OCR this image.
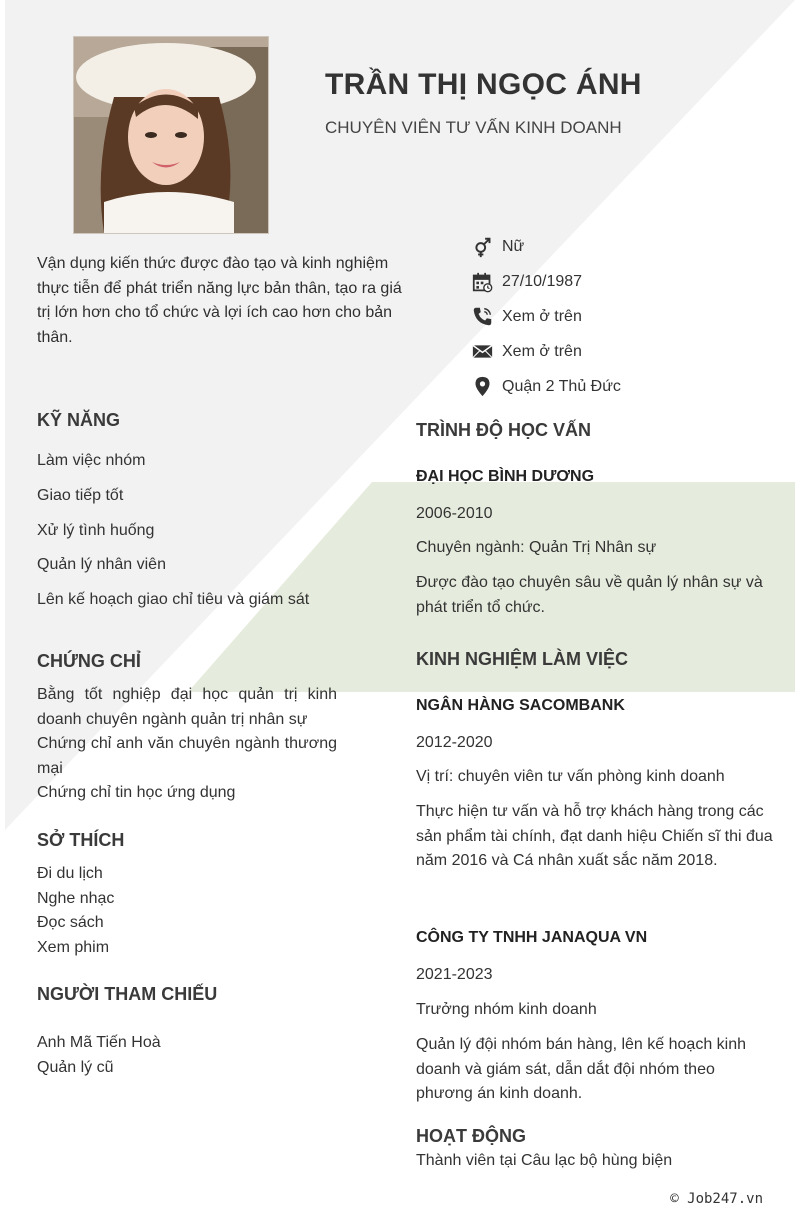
TRẦN THỊ NGỌC ÁNH
CHUYÊN VIÊN TƯ VẤN KINH DOANH
Vận dụng kiến thức được đào tạo và kinh nghiệm thực tiễn để phát triển năng lực bản thân, tạo ra giá trị lớn hơn cho tổ chức và lợi ích cao hơn cho bản thân.
Nữ
27/10/1987
Xem ở trên
Xem ở trên
Quận 2 Thủ Đức
KỸ NĂNG

Làm việc nhóm

Giao tiếp tốt

Xử lý tình huống

Quản lý nhân viên

Lên kế hoạch giao chỉ tiêu và giám sát

CHỨNG CHỈ

Bằng tốt nghiệp đại học quản trị kinh doanh chuyên ngành quản trị nhân sự

Chứng chỉ anh văn chuyên ngành thương mại

Chứng chỉ tin học ứng dụng

SỞ THÍCH

Đi du lịch

Nghe nhạc

Đọc sách

Xem phim

NGƯỜI THAM CHIẾU

Anh Mã Tiến Hoà

Quản lý cũ

TRÌNH ĐỘ HỌC VẤN
ĐẠI HỌC BÌNH DƯƠNG
2006-2010
Chuyên ngành: Quản Trị Nhân sự
Được đào tạo chuyên sâu về quản lý nhân sự và phát triển tổ chức.
KINH NGHIỆM LÀM VIỆC
NGÂN HÀNG SACOMBANK
2012-2020
Vị trí: chuyên viên tư vấn phòng kinh doanh
Thực hiện tư vấn và hỗ trợ khách hàng trong các sản phẩm tài chính, đạt danh hiệu Chiến sĩ thi đua năm 2016 và Cá nhân xuất sắc năm 2018.
CÔNG TY TNHH JANAQUA VN
2021-2023
Trưởng nhóm kinh doanh
Quản lý đội nhóm bán hàng, lên kế hoạch kinh doanh và giám sát, dẫn dắt đội nhóm theo phương án kinh doanh.
HOẠT ĐỘNG
Thành viên tại Câu lạc bộ hùng biện
© Job247.vn
